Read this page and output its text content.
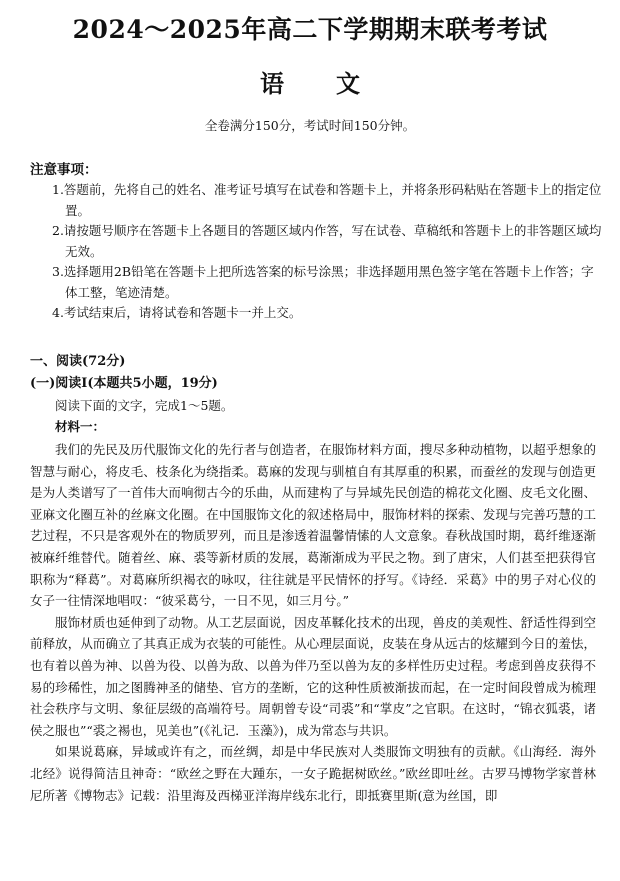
2024～2025年高二下学期期末联考考试
语 文
全卷满分150分，考试时间150分钟。
注意事项：

1.答题前，先将自己的姓名、准考证号填写在试卷和答题卡上，并将条形码粘贴在答题卡上的指定位置。

2.请按题号顺序在答题卡上各题目的答题区域内作答，写在试卷、草稿纸和答题卡上的非答题区域均无效。

3.选择题用2B铅笔在答题卡上把所选答案的标号涂黑；非选择题用黑色签字笔在答题卡上作答；字体工整，笔迹清楚。

4.考试结束后，请将试卷和答题卡一并上交。

一、阅读(72分)
(一)阅读Ⅰ(本题共5小题，19分)
阅读下面的文字，完成1～5题。
材料一：

我们的先民及历代服饰文化的先行者与创造者，在服饰材料方面，搜尽多种动植物，以超乎想象的智慧与耐心，将皮毛、枝条化为绕指柔。葛麻的发现与驯植自有其厚重的积累，而蚕丝的发现与创造更是为人类谱写了一首伟大而响彻古今的乐曲，从而建构了与异域先民创造的棉花文化圈、皮毛文化圈、亚麻文化圈互补的丝麻文化圈。在中国服饰文化的叙述格局中，服饰材料的探索、发现与完善巧慧的工艺过程，不只是客观外在的物质罗列，而且是渗透着温馨情愫的人文意象。春秋战国时期，葛纤维逐渐被麻纤维替代。随着丝、麻、裘等新材质的发展，葛渐渐成为平民之物。到了唐宋，人们甚至把获得官职称为“释葛”。对葛麻所织褐衣的咏叹，往往就是平民情怀的抒写。《诗经．采葛》中的男子对心仪的女子一往情深地唱叹：“彼采葛兮，一日不见，如三月兮。”

服饰材质也延伸到了动物。从工艺层面说，因皮革鞣化技术的出现，兽皮的美观性、舒适性得到空前释放，从而确立了其真正成为衣装的可能性。从心理层面说，皮装在身从远古的炫耀到今日的羞怯，也有着以兽为神、以兽为役、以兽为敌、以兽为伴乃至以兽为友的多样性历史过程。考虑到兽皮获得不易的珍稀性，加之图腾神圣的储垫、官方的垄断，它的这种性质被渐拔而起，在一定时间段曾成为梳理社会秩序与文明、象征层级的高端符号。周朝曾专设“司裘”和“掌皮”之官职。在这时，“锦衣狐裘，诸侯之服也”“裘之裼也，见美也”(《礼记．玉藻》)，成为常态与共识。

如果说葛麻，异域或许有之，而丝绸，却是中华民族对人类服饰文明独有的贡献。《山海经．海外北经》说得简洁且神奇：“欧丝之野在大踵东，一女子跪据树欧丝。”欧丝即吐丝。古罗马博物学家普林尼所著《博物志》记载：沿里海及西梯亚洋海岸线东北行，即抵赛里斯(意为丝国，即
